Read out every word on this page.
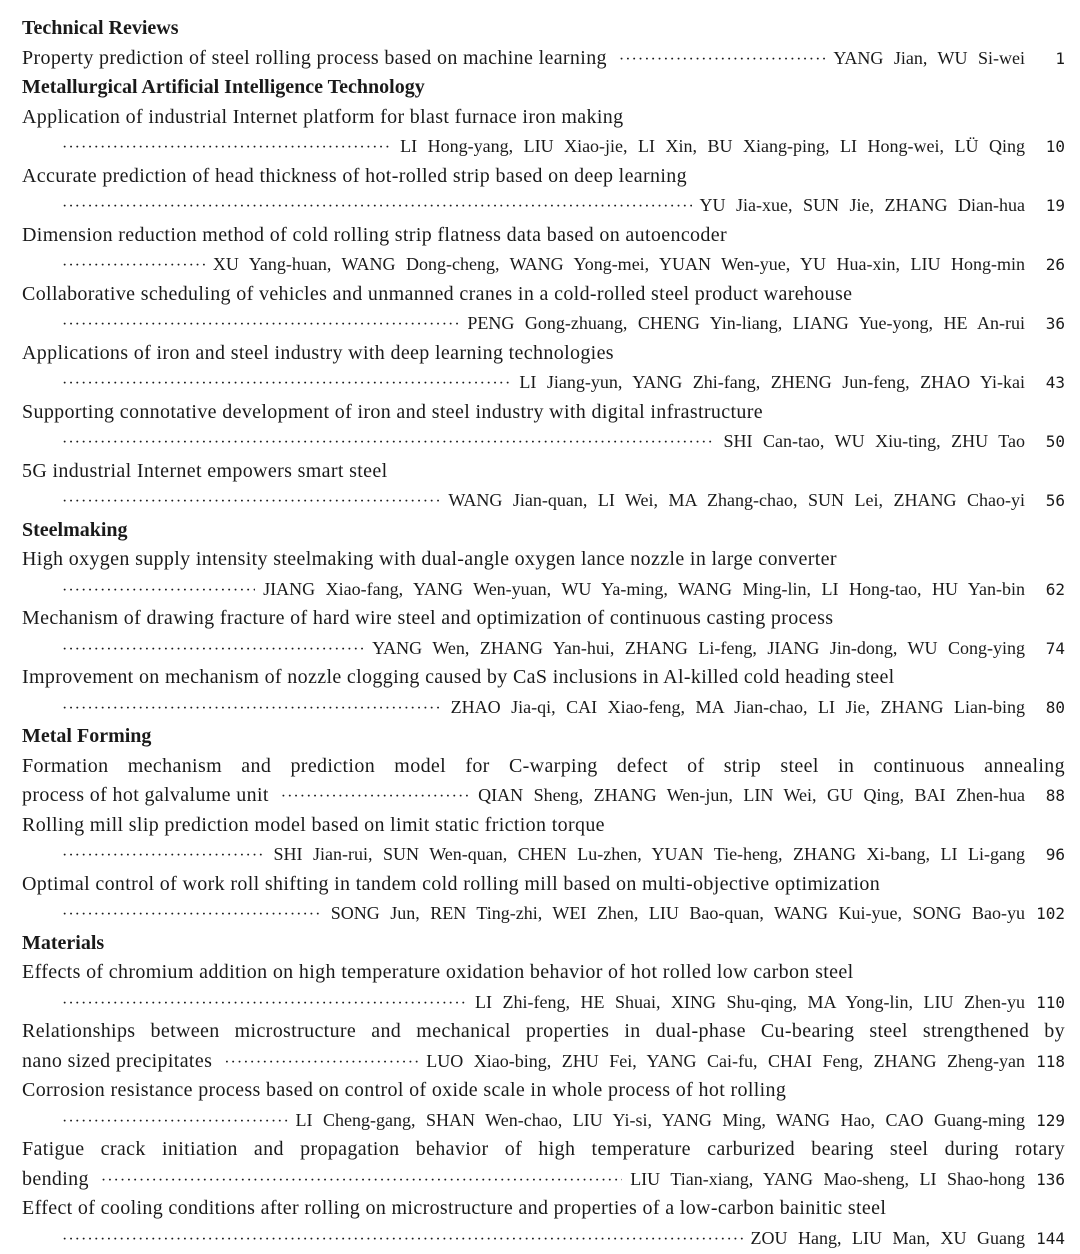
Technical Reviews
Property prediction of steel rolling process based on machine learning ·····	YANG Jian, WU Si-wei	1
Metallurgical Artificial Intelligence Technology
Application of industrial Internet platform for blast furnace iron making
·····
LI Hong-yang, LIU Xiao-jie, LI Xin, BU Xiang-ping, LI Hong-wei, LÜ Qing	10
Accurate prediction of head thickness of hot-rolled strip based on deep learning
·····
YU Jia-xue, SUN Jie, ZHANG Dian-hua	19
Dimension reduction method of cold rolling strip flatness data based on autoencoder
·····
XU Yang-huan, WANG Dong-cheng, WANG Yong-mei, YUAN Wen-yue, YU Hua-xin, LIU Hong-min	26
Collaborative scheduling of vehicles and unmanned cranes in a cold-rolled steel product warehouse
·····
PENG Gong-zhuang, CHENG Yin-liang, LIANG Yue-yong, HE An-rui	36
Applications of iron and steel industry with deep learning technologies
·····
LI Jiang-yun, YANG Zhi-fang, ZHENG Jun-feng, ZHAO Yi-kai	43
Supporting connotative development of iron and steel industry with digital infrastructure
·····
SHI Can-tao, WU Xiu-ting, ZHU Tao	50
5G industrial Internet empowers smart steel
·····
WANG Jian-quan, LI Wei, MA Zhang-chao, SUN Lei, ZHANG Chao-yi	56
Steelmaking
High oxygen supply intensity steelmaking with dual-angle oxygen lance nozzle in large converter
·····
JIANG Xiao-fang, YANG Wen-yuan, WU Ya-ming, WANG Ming-lin, LI Hong-tao, HU Yan-bin	62
Mechanism of drawing fracture of hard wire steel and optimization of continuous casting process
·····
YANG Wen, ZHANG Yan-hui, ZHANG Li-feng, JIANG Jin-dong, WU Cong-ying	74
Improvement on mechanism of nozzle clogging caused by CaS inclusions in Al-killed cold heading steel
·····
ZHAO Jia-qi, CAI Xiao-feng, MA Jian-chao, LI Jie, ZHANG Lian-bing	80
Metal Forming
Formation mechanism and prediction model for C-warping defect of strip steel in continuous annealing
process of hot galvalume unit ·····	QIAN Sheng, ZHANG Wen-jun, LIN Wei, GU Qing, BAI Zhen-hua	88
Rolling mill slip prediction model based on limit static friction torque
·····
SHI Jian-rui, SUN Wen-quan, CHEN Lu-zhen, YUAN Tie-heng, ZHANG Xi-bang, LI Li-gang	96
Optimal control of work roll shifting in tandem cold rolling mill based on multi-objective optimization
·····
SONG Jun, REN Ting-zhi, WEI Zhen, LIU Bao-quan, WANG Kui-yue, SONG Bao-yu 102
Materials
Effects of chromium addition on high temperature oxidation behavior of hot rolled low carbon steel
·····
LI Zhi-feng, HE Shuai, XING Shu-qing, MA Yong-lin, LIU Zhen-yu 110
Relationships between microstructure and mechanical properties in dual-phase Cu-bearing steel strengthened by
nano sized precipitates ·····	LUO Xiao-bing, ZHU Fei, YANG Cai-fu, CHAI Feng, ZHANG Zheng-yan 118
Corrosion resistance process based on control of oxide scale in whole process of hot rolling
·····
LI Cheng-gang, SHAN Wen-chao, LIU Yi-si, YANG Ming, WANG Hao, CAO Guang-ming 129
Fatigue crack initiation and propagation behavior of high temperature carburized bearing steel during rotary
bending ·····	LIU Tian-xiang, YANG Mao-sheng, LI Shao-hong 136
Effect of cooling conditions after rolling on microstructure and properties of a low-carbon bainitic steel
·····
ZOU Hang, LIU Man, XU Guang 144
